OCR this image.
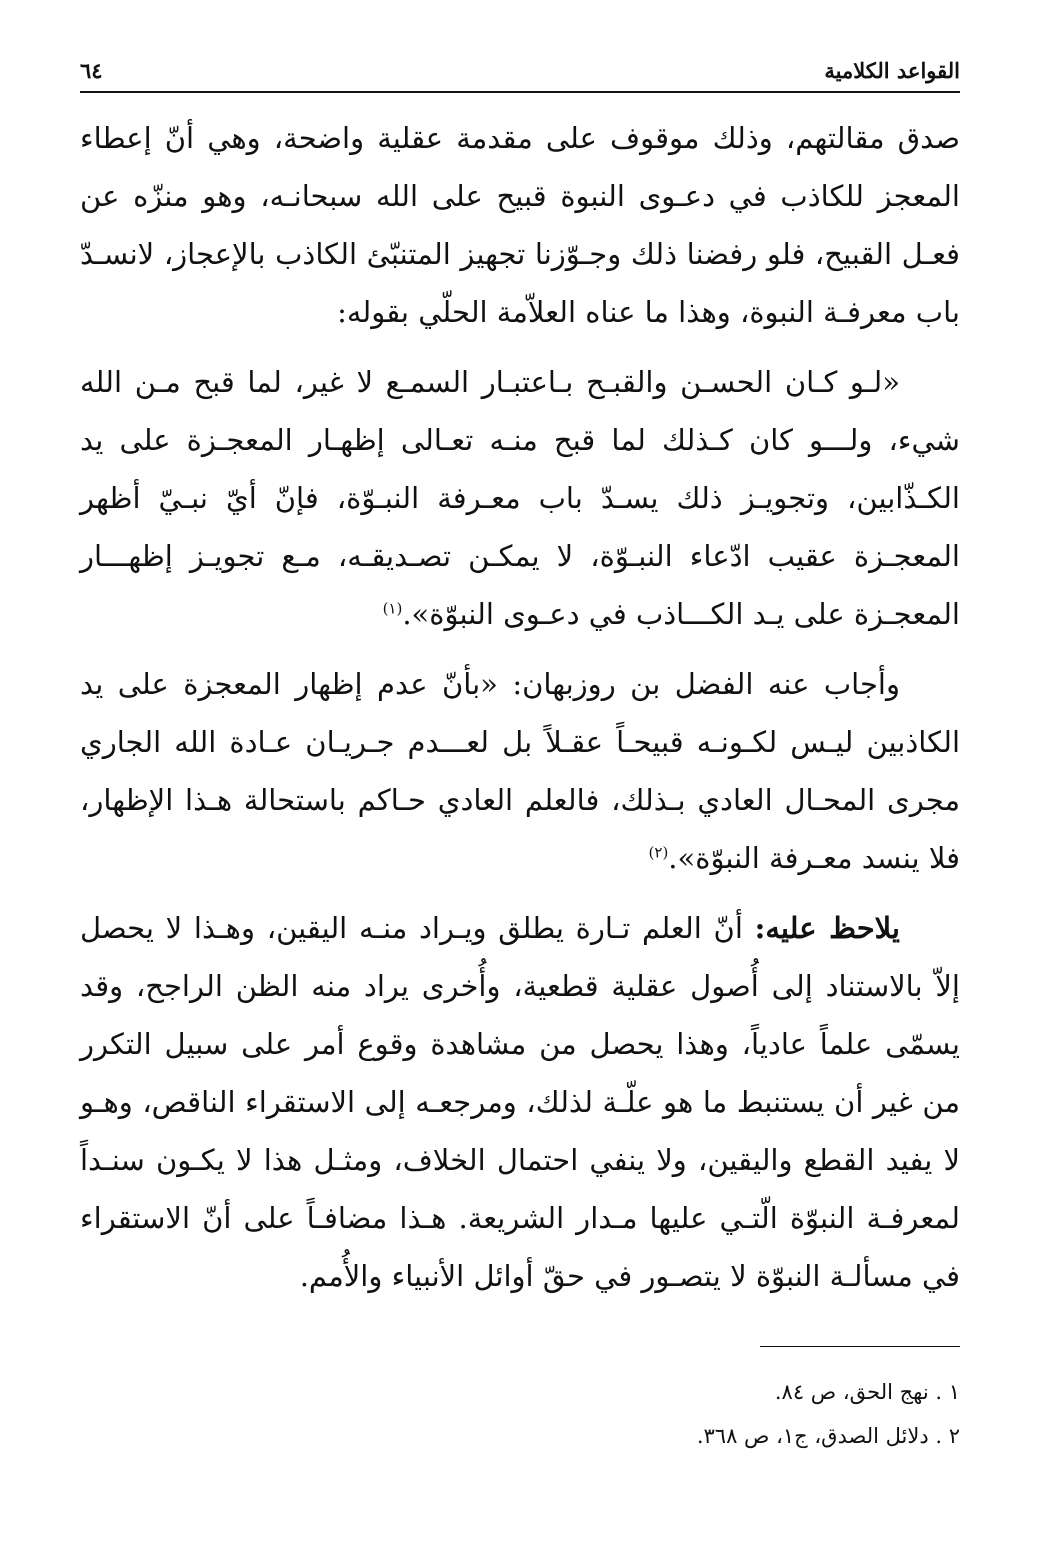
القواعد الكلامية
٦٤

صدق مقالتهم، وذلك موقوف على مقدمة عقلية واضحة، وهي أنّ إعطاء المعجز للكاذب في دعـوى النبوة قبيح على الله سبحانـه، وهو منزّه عن فعـل القبيح، فلو رفضنا ذلك وجـوّزنا تجهيز المتنبّئ الكاذب بالإعجاز، لانسـدّ باب معرفـة النبوة، وهذا ما عناه العلاّمة الحلّي بقوله:

«لـو كـان الحسـن والقبـح بـاعتبـار السمـع لا غير، لما قبح مـن الله شيء، ولـــو كان كـذلك لما قبح منـه تعـالى إظهـار المعجـزة على يد الكـذّابين، وتجويـز ذلك يسـدّ باب معـرفة النبـوّة، فإنّ أيّ نبـيّ أظهر المعجـزة عقيب ادّعاء النبـوّة، لا يمكـن تصـديقـه، مـع تجويـز إظهـــار المعجـزة على يـد الكـــاذب في دعـوى النبوّة».$^{(١)}$

وأجاب عنه الفضل بن روزبهان: «بأنّ عدم إظهار المعجزة على يد الكاذبين ليـس لكـونـه قبيحـاً عقـلاً بل لعـــدم جـريـان عـادة الله الجاري مجرى المحـال العادي بـذلك، فالعلم العادي حـاكم باستحالة هـذا الإظهار، فلا ينسد معـرفة النبوّة».$^{(٢)}$

يلاحظ عليه: أنّ العلم تـارة يطلق ويـراد منـه اليقين، وهـذا لا يحصل إلاّ بالاستناد إلى أُصول عقلية قطعية، وأُخرى يراد منه الظن الراجح، وقد يسمّى علماً عادياً، وهذا يحصل من مشاهدة وقوع أمر على سبيل التكرر من غير أن يستنبط ما هو علّـة لذلك، ومرجعـه إلى الاستقراء الناقص، وهـو لا يفيد القطع واليقين، ولا ينفي احتمال الخلاف، ومثـل هذا لا يكـون سنـداً لمعرفـة النبوّة الّتـي عليها مـدار الشريعة. هـذا مضافـاً على أنّ الاستقراء في مسألـة النبوّة لا يتصـور في حقّ أوائل الأنبياء والأُمم.

١ . نهج الحق، ص ٨٤.
٢ . دلائل الصدق، ج١، ص ٣٦٨.
